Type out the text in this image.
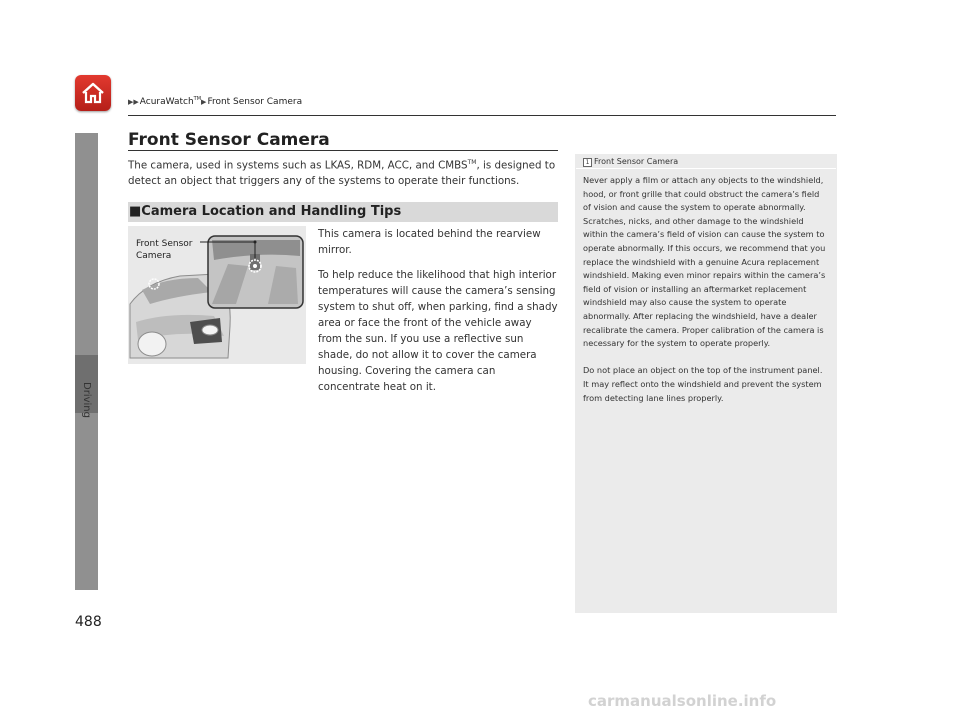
▶▶AcuraWatch™▶Front Sensor Camera
Driving
488
Front Sensor Camera
The camera, used in systems such as LKAS, RDM, ACC, and CMBS™, is designed to detect an object that triggers any of the systems to operate their functions.
■Camera Location and Handling Tips
Front Sensor
Camera

This camera is located behind the rearview mirror.

To help reduce the likelihood that high interior temperatures will cause the camera’s sensing system to shut off, when parking, find a shady area or face the front of the vehicle away from the sun. If you use a reflective sun shade, do not allow it to cover the camera housing. Covering the camera can concentrate heat on it.

1 Front Sensor Camera

Never apply a film or attach any objects to the windshield, hood, or front grille that could obstruct the camera’s field of vision and cause the system to operate abnormally. Scratches, nicks, and other damage to the windshield within the camera’s field of vision can cause the system to operate abnormally. If this occurs, we recommend that you replace the windshield with a genuine Acura replacement windshield. Making even minor repairs within the camera’s field of vision or installing an aftermarket replacement windshield may also cause the system to operate abnormally. After replacing the windshield, have a dealer recalibrate the camera. Proper calibration of the camera is necessary for the system to operate properly.

Do not place an object on the top of the instrument panel. It may reflect onto the windshield and prevent the system from detecting lane lines properly.

carmanualsonline.info
